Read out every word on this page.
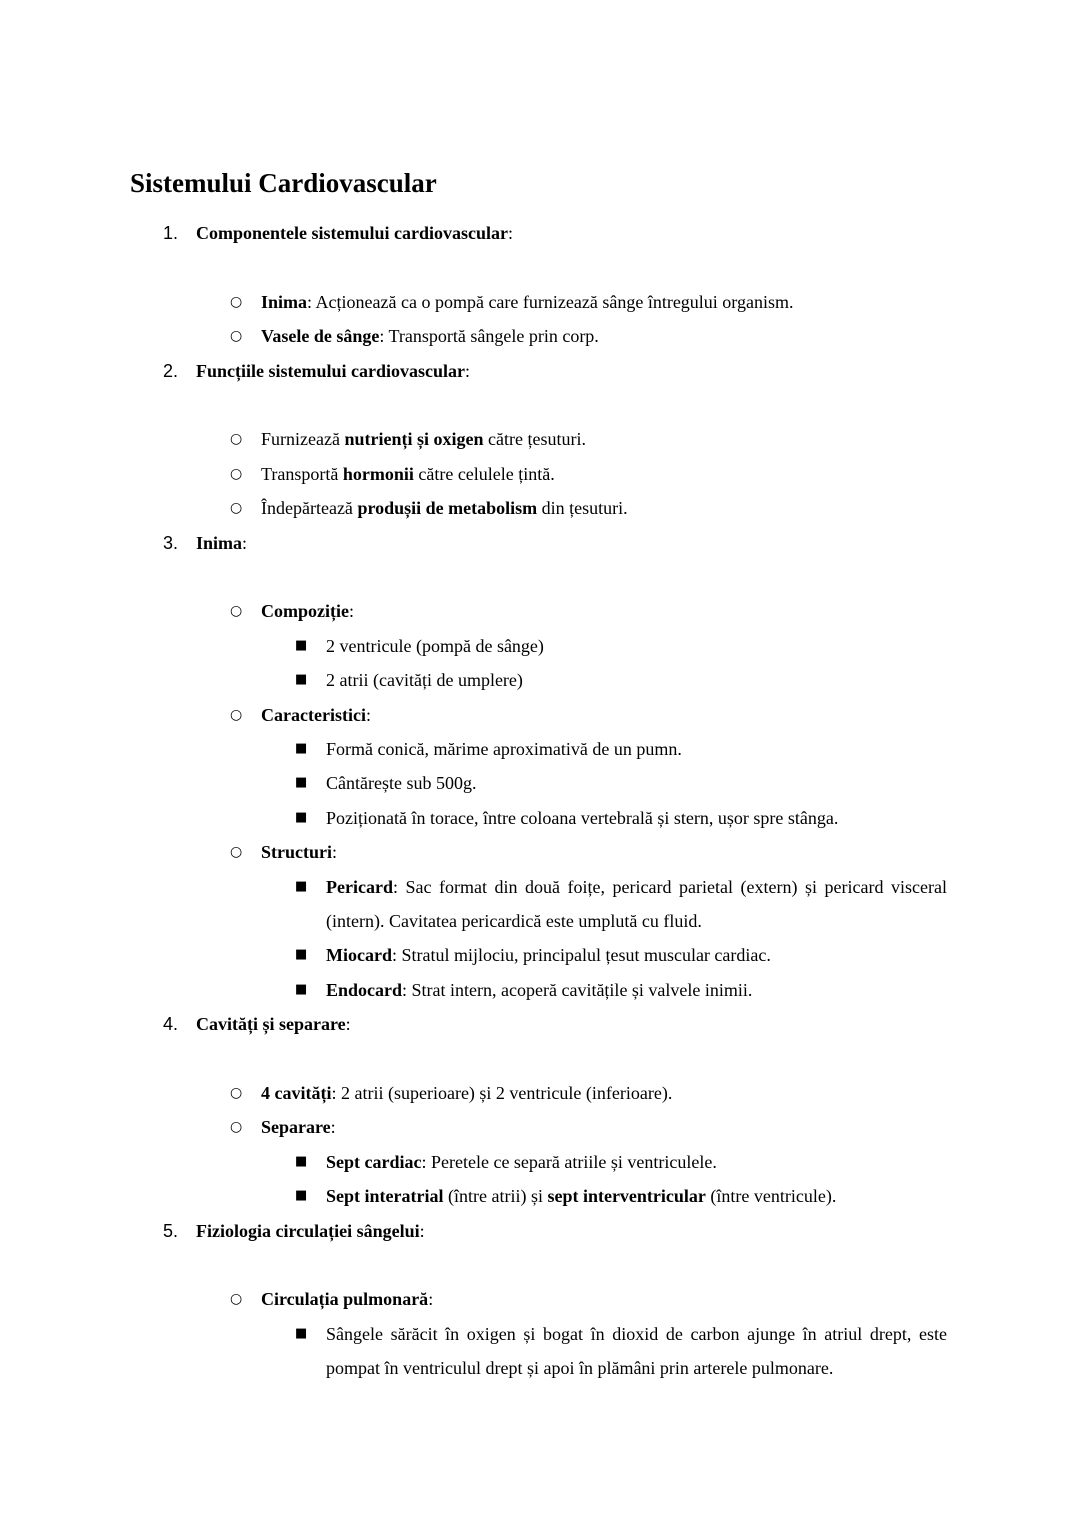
Sistemului Cardiovascular
1. Componentele sistemului cardiovascular:
○ Inima: Acționează ca o pompă care furnizează sânge întregului organism.
○ Vasele de sânge: Transportă sângele prin corp.
2. Funcțiile sistemului cardiovascular:
○ Furnizează nutrienți și oxigen către țesuturi.
○ Transportă hormonii către celulele țintă.
○ Îndepărtează produșii de metabolism din țesuturi.
3. Inima:
○ Compoziție:
■ 2 ventricule (pompă de sânge)
■ 2 atrii (cavități de umplere)
○ Caracteristici:
■ Formă conică, mărime aproximativă de un pumn.
■ Cântărește sub 500g.
■ Poziționată în torace, între coloana vertebrală și stern, ușor spre stânga.
○ Structuri:
■ Pericard: Sac format din două foițe, pericard parietal (extern) și pericard visceral (intern). Cavitatea pericardică este umplută cu fluid.
■ Miocard: Stratul mijlociu, principalul țesut muscular cardiac.
■ Endocard: Strat intern, acoperă cavitățile și valvele inimii.
4. Cavități și separare:
○ 4 cavități: 2 atrii (superioare) și 2 ventricule (inferioare).
○ Separare:
■ Sept cardiac: Peretele ce separă atriile și ventriculele.
■ Sept interatrial (între atrii) și sept interventricular (între ventricule).
5. Fiziologia circulației sângelui:
○ Circulația pulmonară:
■ Sângele sărăcit în oxigen și bogat în dioxid de carbon ajunge în atriul drept, este pompat în ventriculul drept și apoi în plămâni prin arterele pulmonare.
